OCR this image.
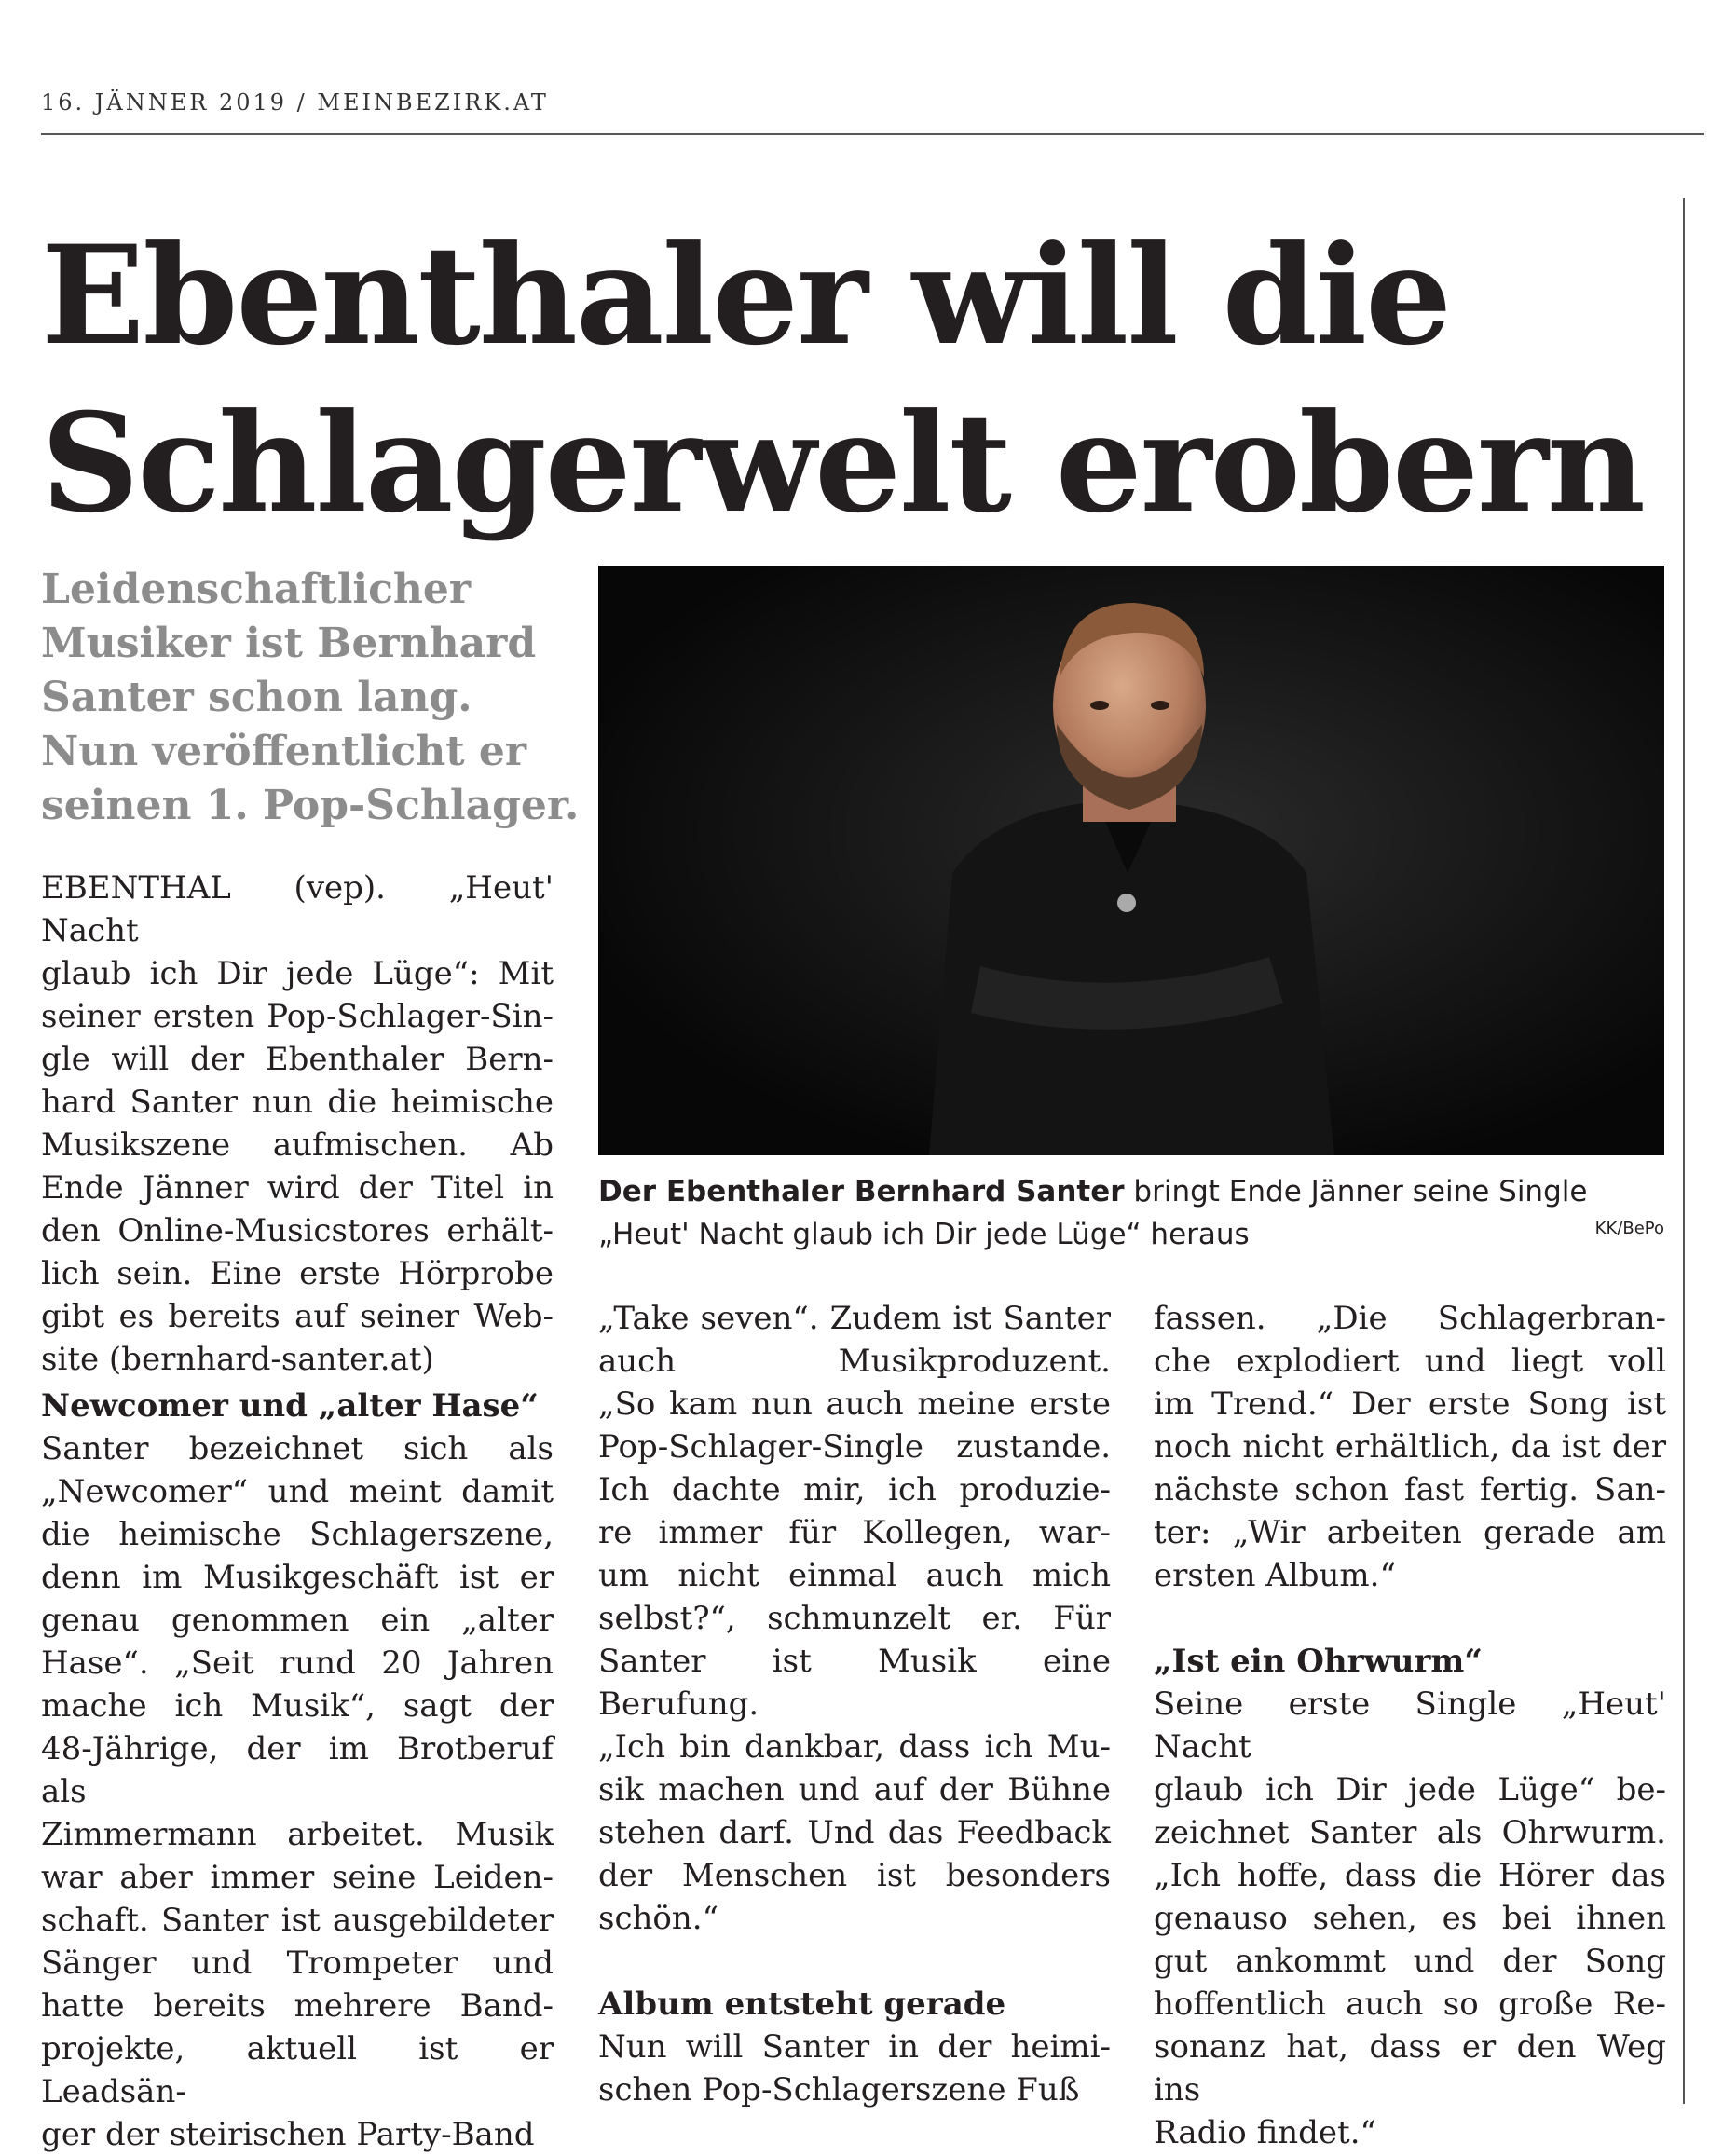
16. JÄNNER 2019 / MEINBEZIRK.AT
Ebenthaler will die
Schlagerwelt erobern
Leidenschaftlicher
Musiker ist Bernhard
Santer schon lang.
Nun veröffentlicht er
seinen 1. Pop-Schlager.
Der Ebenthaler Bernhard Santer bringt Ende Jänner seine Single
„Heut' Nacht glaub ich Dir jede Lüge“ heraus	KK/BePo

EBENTHAL (vep). „Heut' Nacht
glaub ich Dir jede Lüge“: Mit
seiner ersten Pop-Schlager-Sin-
gle will der Ebenthaler Bern-
hard Santer nun die heimische
Musikszene aufmischen. Ab
Ende Jänner wird der Titel in
den Online-Musicstores erhält-
lich sein. Eine erste Hörprobe
gibt es bereits auf seiner Web-
site (bernhard-santer.at)

Newcomer und „alter Hase“

Santer bezeichnet sich als
„Newcomer“ und meint damit
die heimische Schlagerszene,
denn im Musikgeschäft ist er
genau genommen ein „alter
Hase“. „Seit rund 20 Jahren
mache ich Musik“, sagt der
48-Jährige, der im Brotberuf als
Zimmermann arbeitet. Musik
war aber immer seine Leiden-
schaft. Santer ist ausgebildeter
Sänger und Trompeter und
hatte bereits mehrere Band-
projekte, aktuell ist er Leadsän-
ger der steirischen Party-Band

„Take seven“. Zudem ist Santer
auch Musikproduzent.
„So kam nun auch meine erste
Pop-Schlager-Single zustande.
Ich dachte mir, ich produzie-
re immer für Kollegen, war-
um nicht einmal auch mich
selbst?“, schmunzelt er. Für
Santer ist Musik eine Berufung.
„Ich bin dankbar, dass ich Mu-
sik machen und auf der Bühne
stehen darf. Und das Feedback
der Menschen ist besonders
schön.“

Album entsteht gerade

Nun will Santer in der heimi-
schen Pop-Schlagerszene Fuß

fassen. „Die Schlagerbran-
che explodiert und liegt voll
im Trend.“ Der erste Song ist
noch nicht erhältlich, da ist der
nächste schon fast fertig. San-
ter: „Wir arbeiten gerade am
ersten Album.“

„Ist ein Ohrwurm“

Seine erste Single „Heut' Nacht
glaub ich Dir jede Lüge“ be-
zeichnet Santer als Ohrwurm.
„Ich hoffe, dass die Hörer das
genauso sehen, es bei ihnen
gut ankommt und der Song
hoffentlich auch so große Re-
sonanz hat, dass er den Weg ins
Radio findet.“
